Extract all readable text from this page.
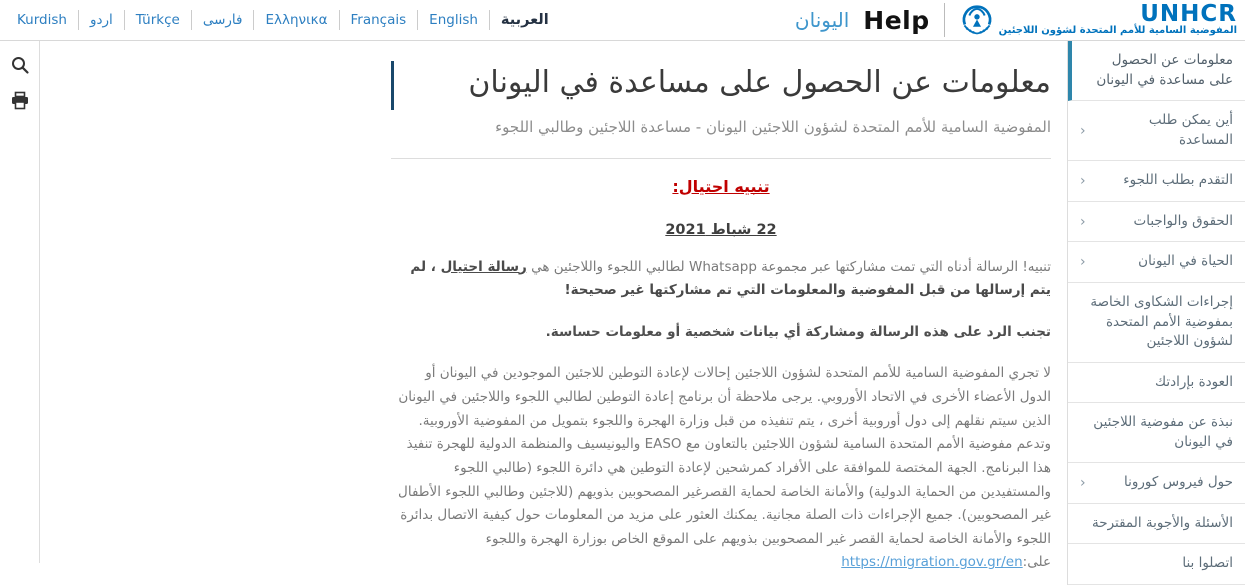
Kurdish	اردو	Türkçe	فارسی	Ελληνικα	Français	English	العربية	اليونان Help	UNHCR
المفوضية السامية للأمم المتحدة لشؤون اللاجئين
معلومات عن الحصول على مساعدة في اليونان

المفوضية السامية للأمم المتحدة لشؤون اللاجئين اليونان - مساعدة اللاجئين وطالبي اللجوء

تنبيه احتيال:
22 شباط 2021

تنبيه! الرسالة أدناه التي تمت مشاركتها عبر مجموعة Whatsapp لطالبي اللجوء واللاجئين هي رسالة احتيال ، لم يتم إرسالها من قبل المفوضية والمعلومات التي تم مشاركتها غير صحيحة!

تجنب الرد على هذه الرسالة ومشاركة أي بيانات شخصية أو معلومات حساسة.

لا تجري المفوضية السامية للأمم المتحدة لشؤون اللاجئين إحالات لإعادة التوطين للاجئين الموجودين في اليونان أو الدول الأعضاء الأخرى في الاتحاد الأوروبي. يرجى ملاحظة أن برنامج إعادة التوطين لطالبي اللجوء واللاجئين في اليونان الذين سيتم نقلهم إلى دول أوروبية أخرى ، يتم تنفيذه من قبل وزارة الهجرة واللجوء بتمويل من المفوضية الأوروبية. وتدعم مفوضية الأمم المتحدة السامية لشؤون اللاجئين بالتعاون مع EASO واليونيسيف والمنظمة الدولية للهجرة تنفيذ هذا البرنامج. الجهة المختصة للموافقة على الأفراد كمرشحين لإعادة التوطين هي دائرة اللجوء (طالبي اللجوء والمستفيدين من الحماية الدولية) والأمانة الخاصة لحماية القصرغير المصحوبين بذويهم (للاجئين وطالبي اللجوء الأطفال غير المصحوبين). جميع الإجراءات ذات الصلة مجانية. يمكنك العثور على مزيد من المعلومات حول كيفية الاتصال بدائرة اللجوء والأمانة الخاصة لحماية القصر غير المصحوبين بذويهم على الموقع الخاص بوزارة الهجرة واللجوء على:https://migration.gov.gr/en

معلومات عن الحصول على مساعدة في اليونان
أين يمكن طلب المساعدة
‹
التقدم بطلب اللجوء
‹
الحقوق والواجبات
‹
الحياة في اليونان
‹
إجراءات الشكاوى الخاصة بمفوضية الأمم المتحدة لشؤون اللاجئين
العودة بإرادتك
نبذة عن مفوضية اللاجئين في اليونان
حول فيروس كورونا
‹
الأسئلة والأجوبة المقترحة
اتصلوا بنا
